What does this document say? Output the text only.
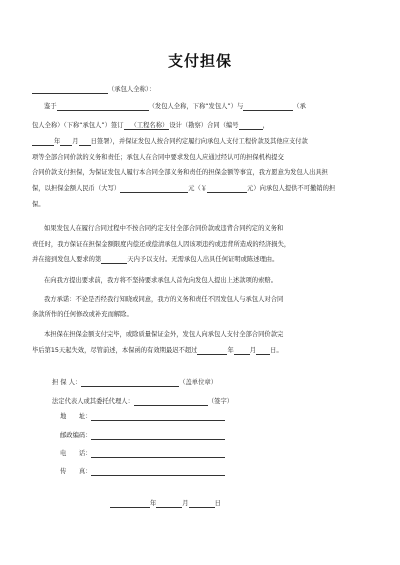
支付担保
（承包人全称）：
鉴于	（发包人全称，下称“发包人”）与	（承
包人全称）（下称“承包人”）签订 （工程名称）设计（勘察）合同（编号	，
年 月 日签署），并保证发包人按合同约定履行向承包人支付工程价款及其他应支付款
项等全部合同价款的义务和责任；承包人在合同中要求发包人应通过经认可的担保机构提交
合同价款支付担保，为保证发包人履行本合同全部义务和责任的担保金额等事宜，我方愿意为发包人出具担
保，以担保金额人民币（大写）	元（￥	元）向承包人提供不可撤销的担
保。
如果发包人在履行合同过程中不按合同约定支付全部合同价款或违背合同约定的义务和
责任时，我方保证在担保金额限度内偿还或偿清承包人因该项违约或违背所造成的经济损失，
并在接到发包人要求的第	天内予以支付。无需承包人出具任何证明或陈述理由。
在向我方提出要求前，我方将不坚持要求承包人首先向发包人提出上述款项的索赔。
我方承诺：不论是否经我行知晓或同意，我方的义务和责任不因发包人与承包人对合同
条款所作的任何修改或补充而解除。
本担保在担保金额支付完毕，或除质量保证金外，发包人向承包人支付全部合同价款完
毕后第15天起失效，尽管前述，本保函的有效期最迟不超过	年	月 日。
担 保 人：	（盖单位章）
法定代表人或其委托代理人：	（签字）
地　　址：
邮政编码：
电　　话：
传　　真：
年	月	日
